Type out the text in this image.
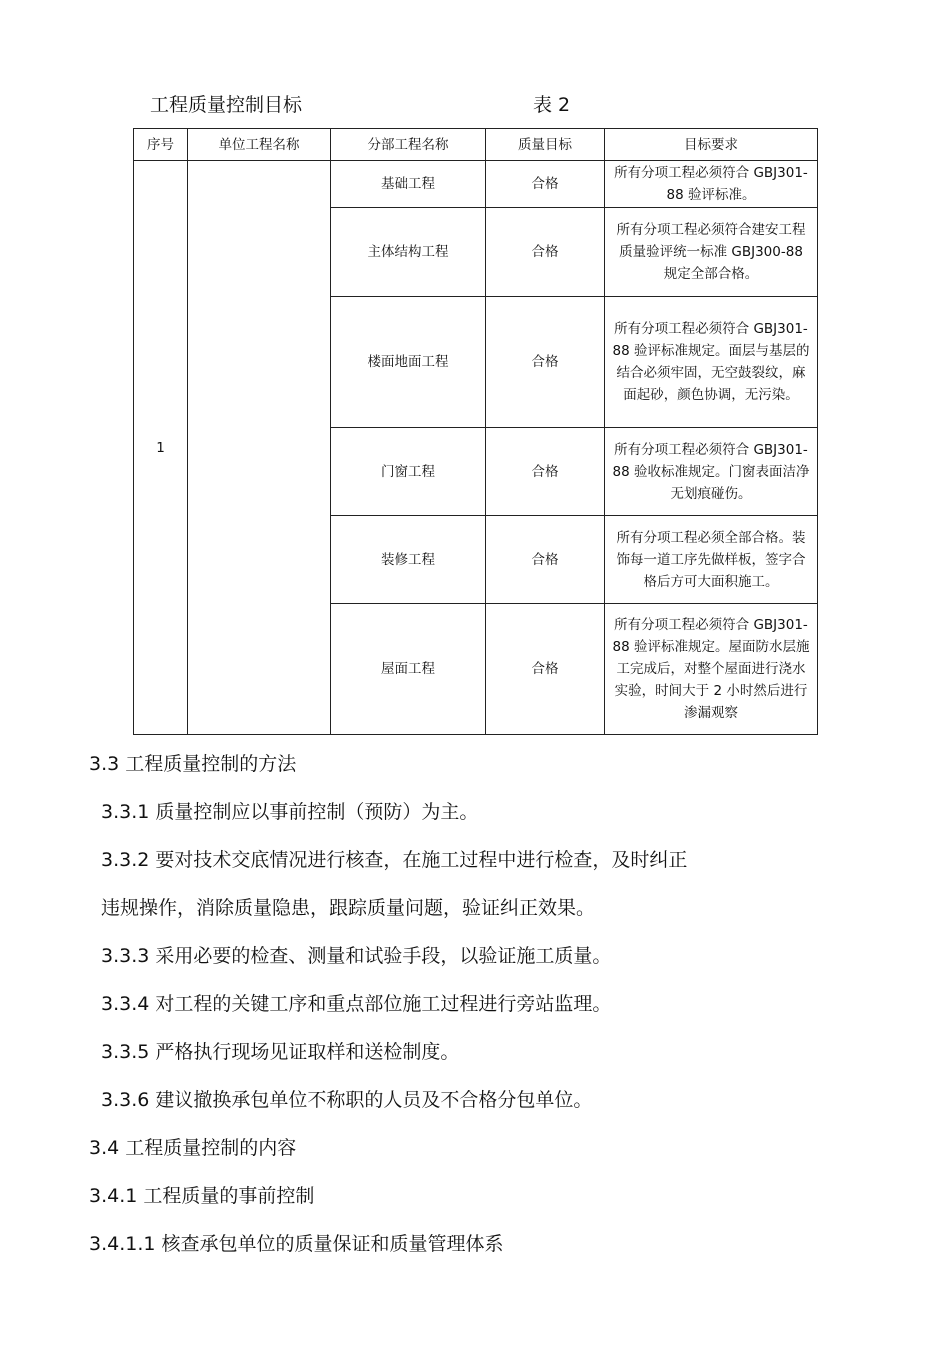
工程质量控制目标	表 2
序号	单位工程名称	分部工程名称	质量目标	目标要求
1		基础工程	合格	所有分项工程必须符合 GBJ301-88 验评标准。
		主体结构工程	合格	所有分项工程必须符合建安工程质量验评统一标准 GBJ300-88 规定全部合格。
		楼面地面工程	合格	所有分项工程必须符合 GBJ301-88 验评标准规定。面层与基层的结合必须牢固，无空鼓裂纹，麻面起砂，颜色协调，无污染。
		门窗工程	合格	所有分项工程必须符合 GBJ301-88 验收标准规定。门窗表面洁净无划痕碰伤。
		装修工程	合格	所有分项工程必须全部合格。装饰每一道工序先做样板，签字合格后方可大面积施工。
		屋面工程	合格	所有分项工程必须符合 GBJ301-88 验评标准规定。屋面防水层施工完成后，对整个屋面进行浇水实验，时间大于 2 小时然后进行渗漏观察
3.3 工程质量控制的方法
3.3.1 质量控制应以事前控制（预防）为主。
3.3.2 要对技术交底情况进行核查，在施工过程中进行检查，及时纠正
违规操作，消除质量隐患，跟踪质量问题，验证纠正效果。
3.3.3 采用必要的检查、测量和试验手段，以验证施工质量。
3.3.4 对工程的关键工序和重点部位施工过程进行旁站监理。
3.3.5 严格执行现场见证取样和送检制度。
3.3.6 建议撤换承包单位不称职的人员及不合格分包单位。
3.4 工程质量控制的内容
3.4.1 工程质量的事前控制
3.4.1.1 核查承包单位的质量保证和质量管理体系
